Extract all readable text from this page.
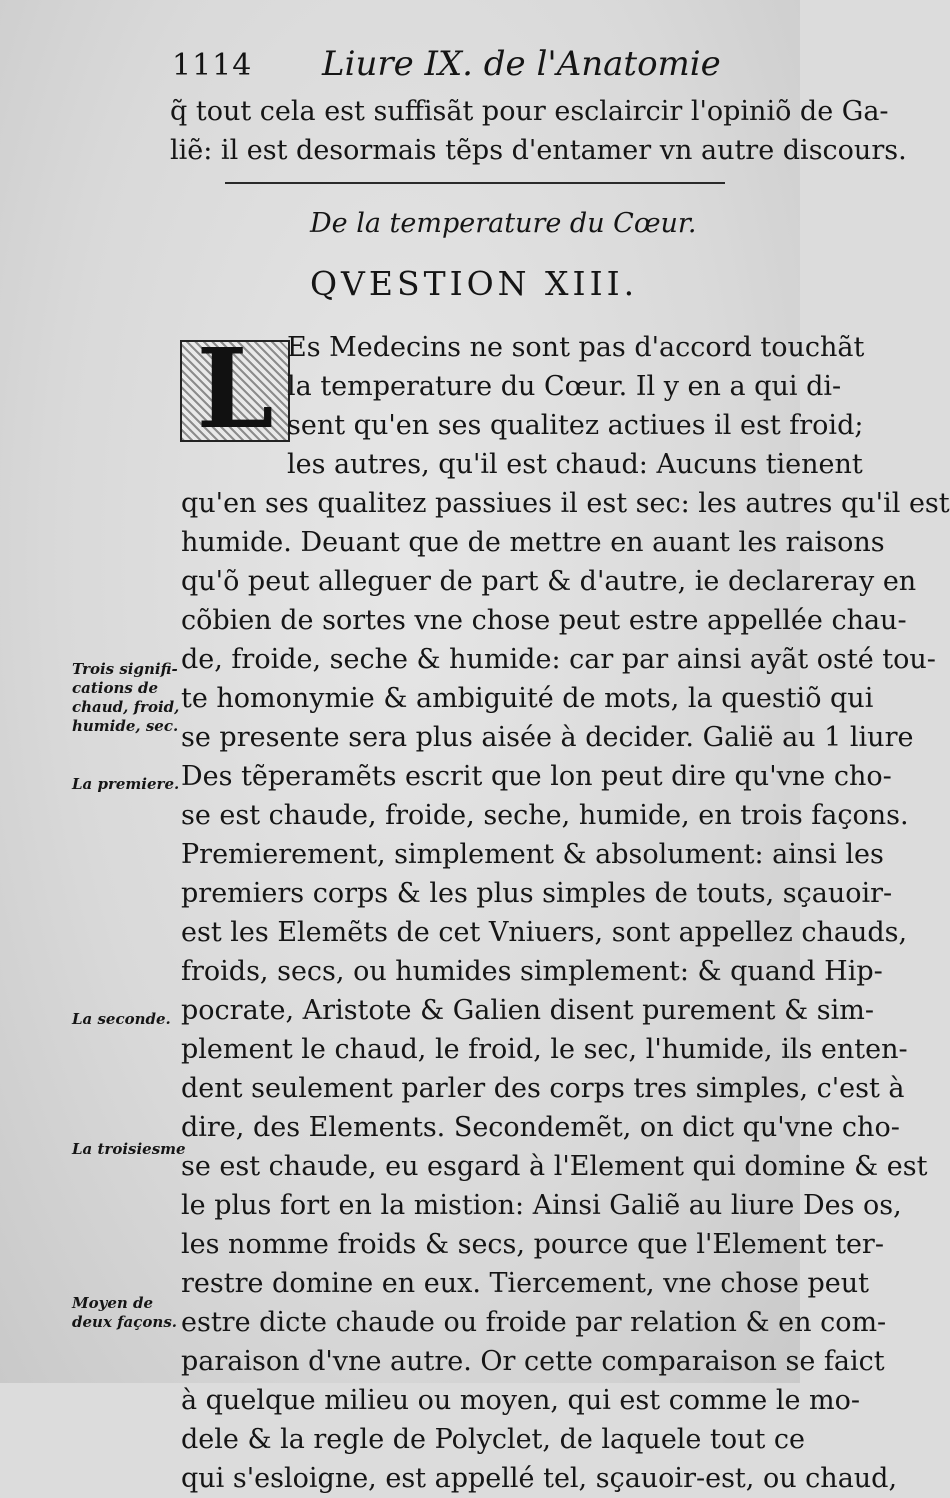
1114 Liure IX. de l'Anatomie
q̃ tout cela est suffisãt pour esclaircir l'opiniõ de Ga-
liẽ: il est desormais tẽps d'entamer vn autre discours.
De la temperature du Cœur.
QVESTION XIII.
L Es Medecins ne sont pas d'accord touchãt
la temperature du Cœur. Il y en a qui di-
sent qu'en ses qualitez actiues il est froid;
les autres, qu'il est chaud: Aucuns tienent
qu'en ses qualitez passiues il est sec: les autres qu'il est
humide. Deuant que de mettre en auant les raisons
qu'õ peut alleguer de part & d'autre, ie declareray en
cõbien de sortes vne chose peut estre appellée chau-
de, froide, seche & humide: car par ainsi ayãt osté tou-
te homonymie & ambiguité de mots, la questiõ qui
se presente sera plus aisée à decider. Galië au 1 liure
Des tẽperamẽts escrit que lon peut dire qu'vne cho-
se est chaude, froide, seche, humide, en trois façons.
Premierement, simplement & absolument: ainsi les
premiers corps & les plus simples de touts, sçauoir-
est les Elemẽts de cet Vniuers, sont appellez chauds,
froids, secs, ou humides simplement: & quand Hip-
pocrate, Aristote & Galien disent purement & sim-
plement le chaud, le froid, le sec, l'humide, ils enten-
dent seulement parler des corps tres simples, c'est à
dire, des Elements. Secondemẽt, on dict qu'vne cho-
se est chaude, eu esgard à l'Element qui domine & est
le plus fort en la mistion: Ainsi Galiẽ au liure Des os,
les nomme froids & secs, pource que l'Element ter-
restre domine en eux. Tiercement, vne chose peut
estre dicte chaude ou froide par relation & en com-
paraison d'vne autre. Or cette comparaison se faict
à quelque milieu ou moyen, qui est comme le mo-
dele & la regle de Polyclet, de laquele tout ce
qui s'esloigne, est appellé tel, sçauoir-est, ou chaud,
Trois signifi-
cations de
chaud, froid,
humide, sec.
La premiere.
La seconde.
La troisiesme
Moyen de
deux façons.
